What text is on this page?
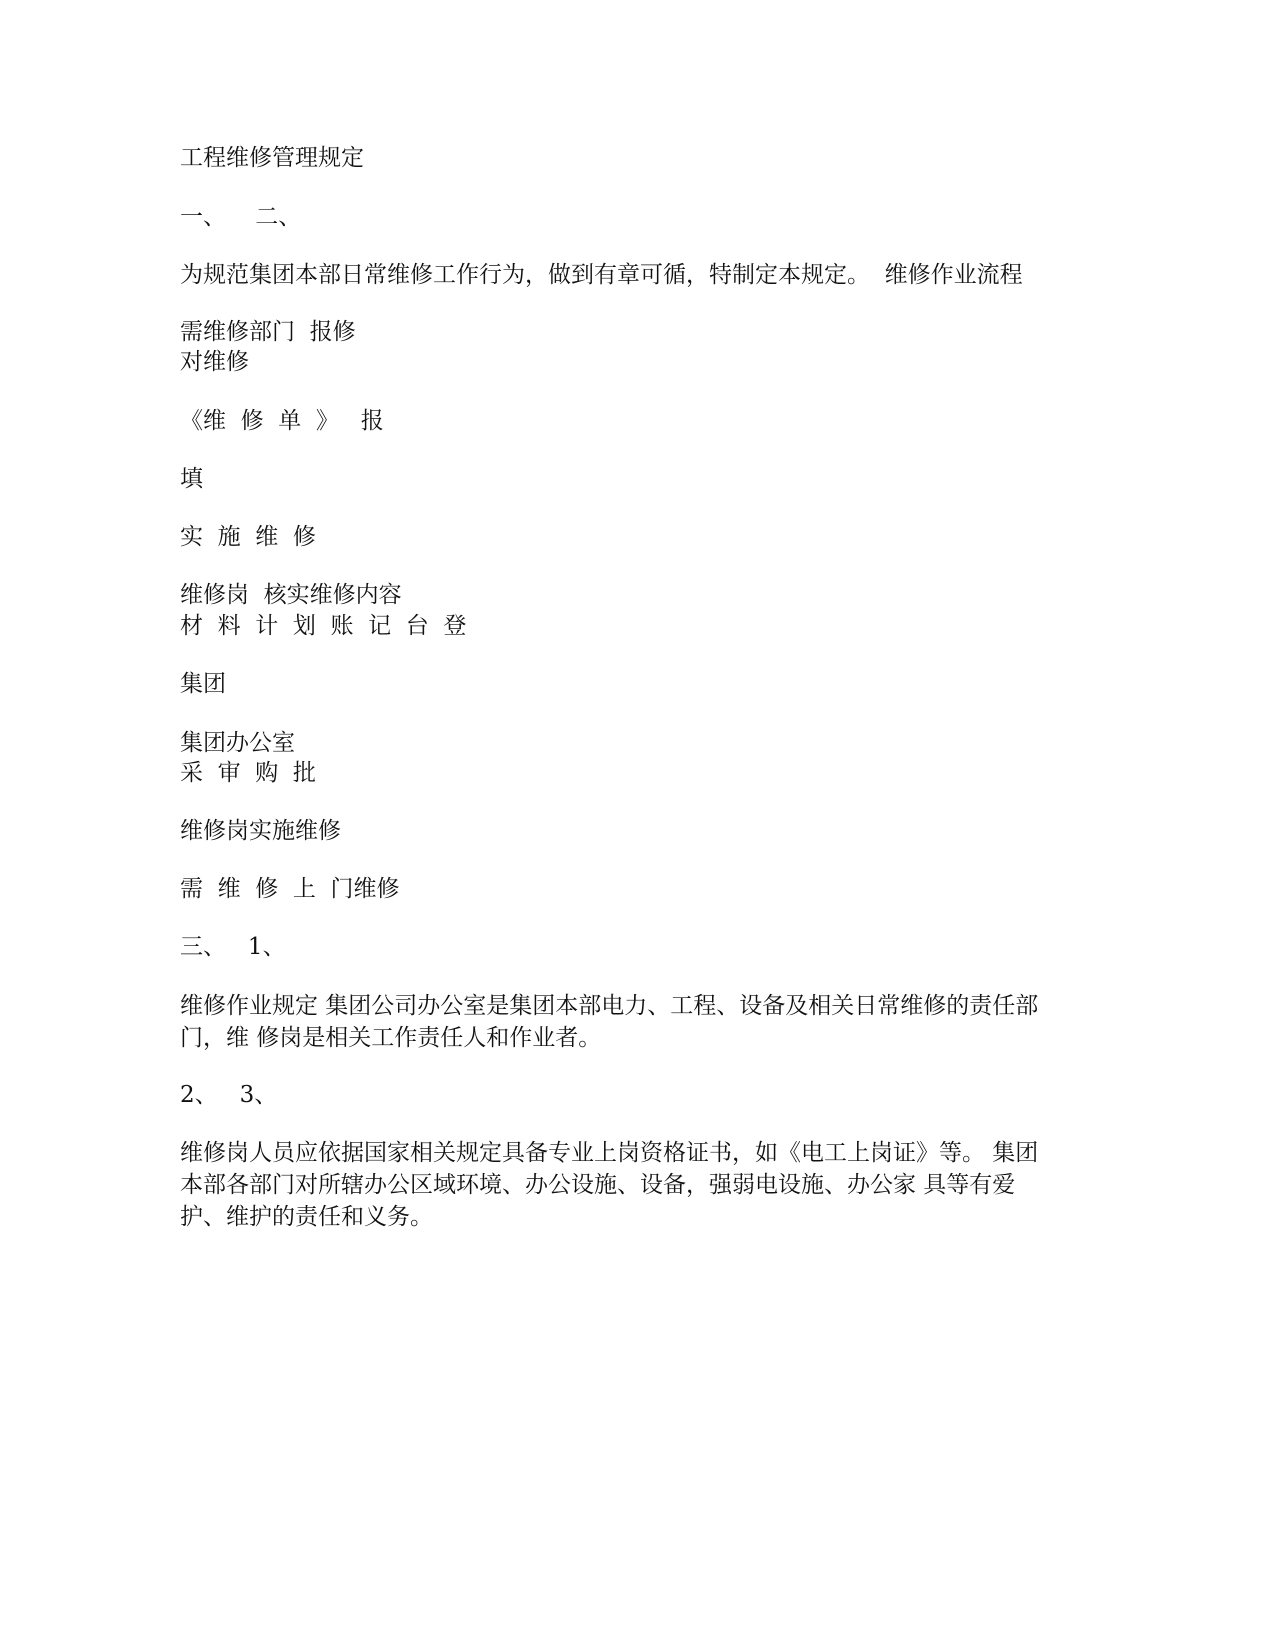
工程维修管理规定
一、    二、
为规范集团本部日常维修工作行为，做到有章可循，特制定本规定。  维修作业流程
需维修部门  报修
对维修
《维  修  单  》   报
填
实  施  维  修
维修岗  核实维修内容
材  料  计  划  账  记  台  登
集团
集团办公室
采  审  购  批
维修岗实施维修
需  维  修  上  门维修
三、   1、
维修作业规定 集团公司办公室是集团本部电力、工程、设备及相关日常维修的责任部门，维 修岗是相关工作责任人和作业者。
2、   3、
维修岗人员应依据国家相关规定具备专业上岗资格证书，如《电工上岗证》等。 集团本部各部门对所辖办公区域环境、办公设施、设备，强弱电设施、办公家 具等有爱护、维护的责任和义务。
